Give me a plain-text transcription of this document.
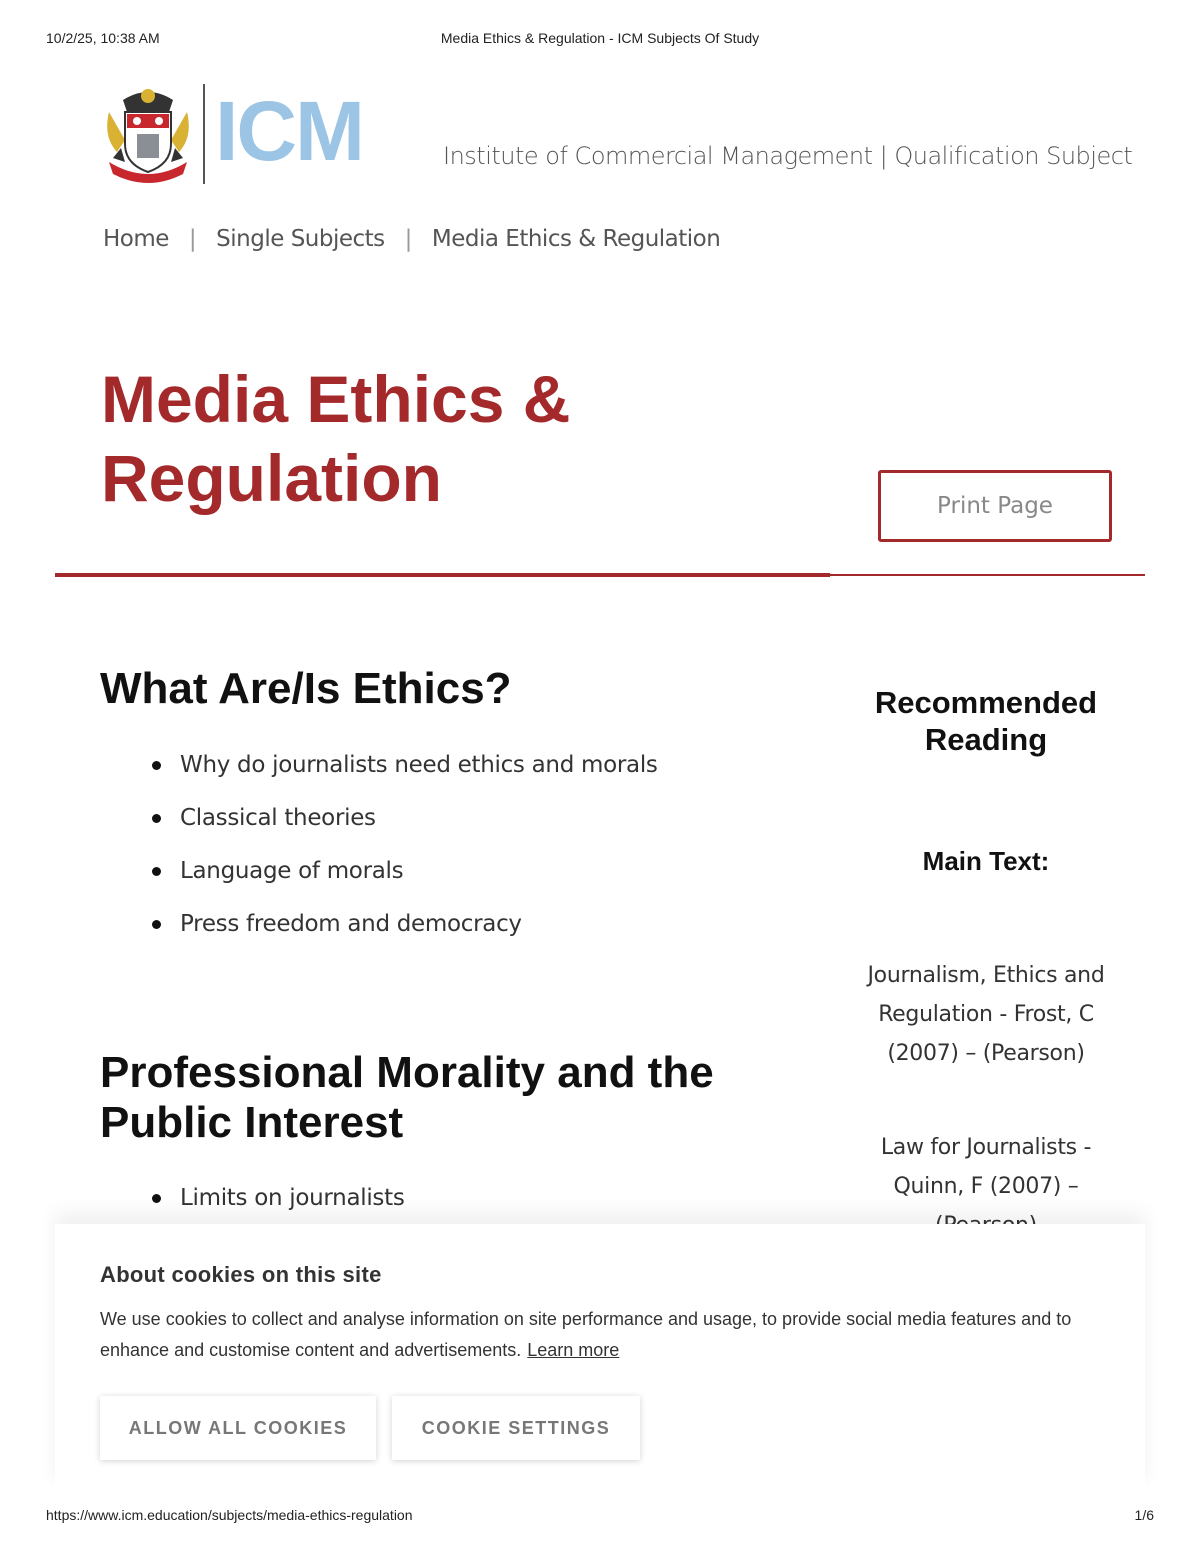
10/2/25, 10:38 AM	Media Ethics & Regulation - ICM Subjects Of Study
ICM	Institute of Commercial Management | Qualification Subject
Home | Single Subjects | Media Ethics & Regulation
Media Ethics & Regulation	Print Page
What Are/Is Ethics?
Why do journalists need ethics and morals
Classical theories
Language of morals
Press freedom and democracy
Professional Morality and the Public Interest
Limits on journalists
Recommended Reading
Main Text:

Journalism, Ethics and Regulation - Frost, C (2007) – (Pearson)

Law for Journalists - Quinn, F (2007) –

About cookies on this site
We use cookies to collect and analyse information on site performance and usage, to provide social media features and to enhance and customise content and advertisements. Learn more
ALLOW ALL COOKIES	COOKIE SETTINGS
https://www.icm.education/subjects/media-ethics-regulation	1/6
